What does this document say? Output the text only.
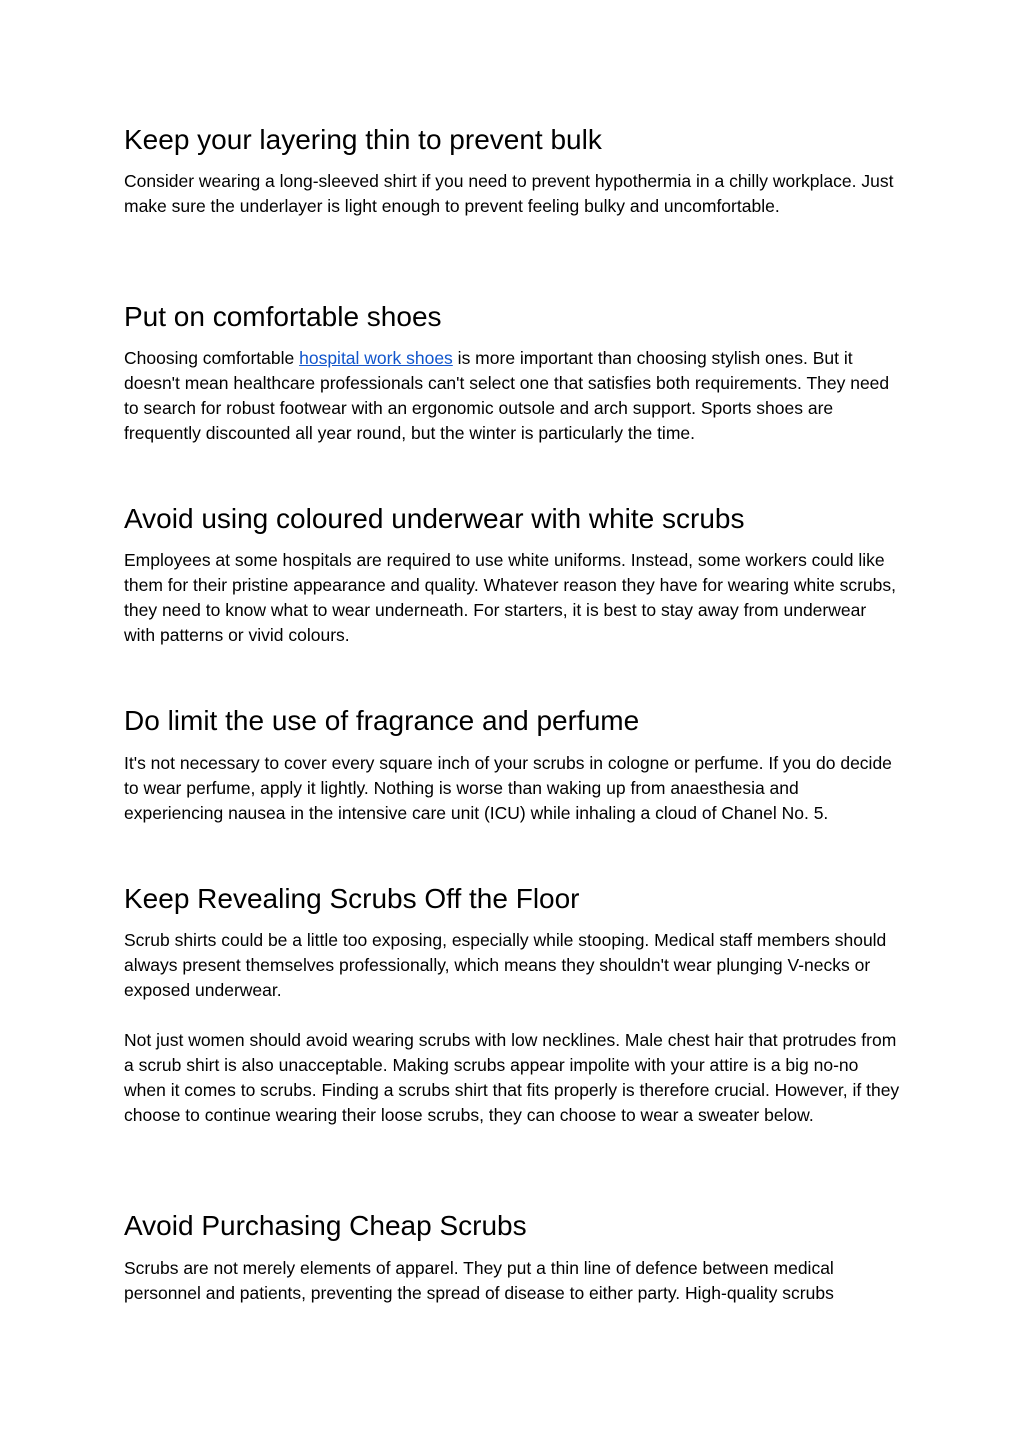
Keep your layering thin to prevent bulk

Consider wearing a long-sleeved shirt if you need to prevent hypothermia in a chilly workplace. Just make sure the underlayer is light enough to prevent feeling bulky and uncomfortable.

Put on comfortable shoes

Choosing comfortable hospital work shoes is more important than choosing stylish ones. But it doesn't mean healthcare professionals can't select one that satisfies both requirements. They need to search for robust footwear with an ergonomic outsole and arch support. Sports shoes are frequently discounted all year round, but the winter is particularly the time.

Avoid using coloured underwear with white scrubs

Employees at some hospitals are required to use white uniforms. Instead, some workers could like them for their pristine appearance and quality. Whatever reason they have for wearing white scrubs, they need to know what to wear underneath. For starters, it is best to stay away from underwear with patterns or vivid colours.

Do limit the use of fragrance and perfume

It's not necessary to cover every square inch of your scrubs in cologne or perfume. If you do decide to wear perfume, apply it lightly. Nothing is worse than waking up from anaesthesia and experiencing nausea in the intensive care unit (ICU) while inhaling a cloud of Chanel No. 5.

Keep Revealing Scrubs Off the Floor

Scrub shirts could be a little too exposing, especially while stooping. Medical staff members should always present themselves professionally, which means they shouldn't wear plunging V-necks or exposed underwear.

Not just women should avoid wearing scrubs with low necklines. Male chest hair that protrudes from a scrub shirt is also unacceptable. Making scrubs appear impolite with your attire is a big no-no when it comes to scrubs. Finding a scrubs shirt that fits properly is therefore crucial. However, if they choose to continue wearing their loose scrubs, they can choose to wear a sweater below.

Avoid Purchasing Cheap Scrubs

Scrubs are not merely elements of apparel. They put a thin line of defence between medical personnel and patients, preventing the spread of disease to either party. High-quality scrubs
